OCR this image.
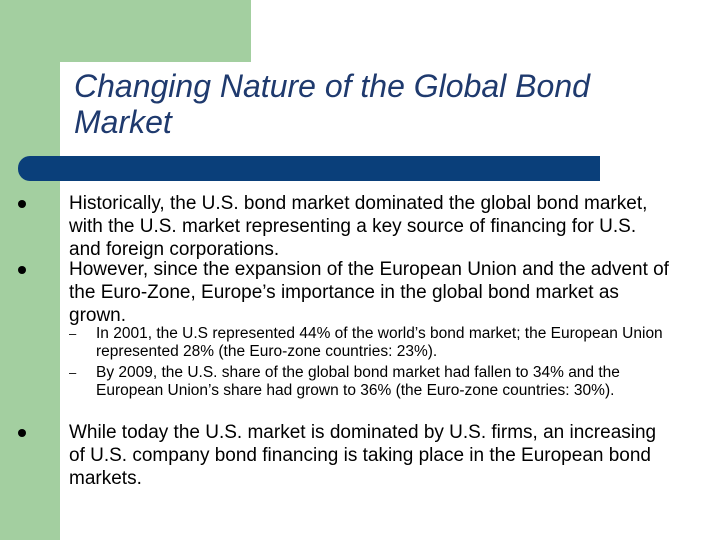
Changing Nature of the Global Bond Market
Historically, the U.S. bond market dominated the global bond market, with the U.S. market representing a key source of financing for U.S. and foreign corporations.
However, since the expansion of the European Union and the advent of the Euro-Zone, Europe’s importance in the global bond market as grown.
– In 2001, the U.S represented 44% of the world’s bond market; the European Union represented 28% (the Euro-zone countries: 23%).
– By 2009, the U.S. share of the global bond market had fallen to 34% and the European Union’s share had grown to 36% (the Euro-zone countries: 30%).
While today the U.S. market is dominated by U.S. firms, an increasing of U.S. company bond financing is taking place in the European bond markets.
